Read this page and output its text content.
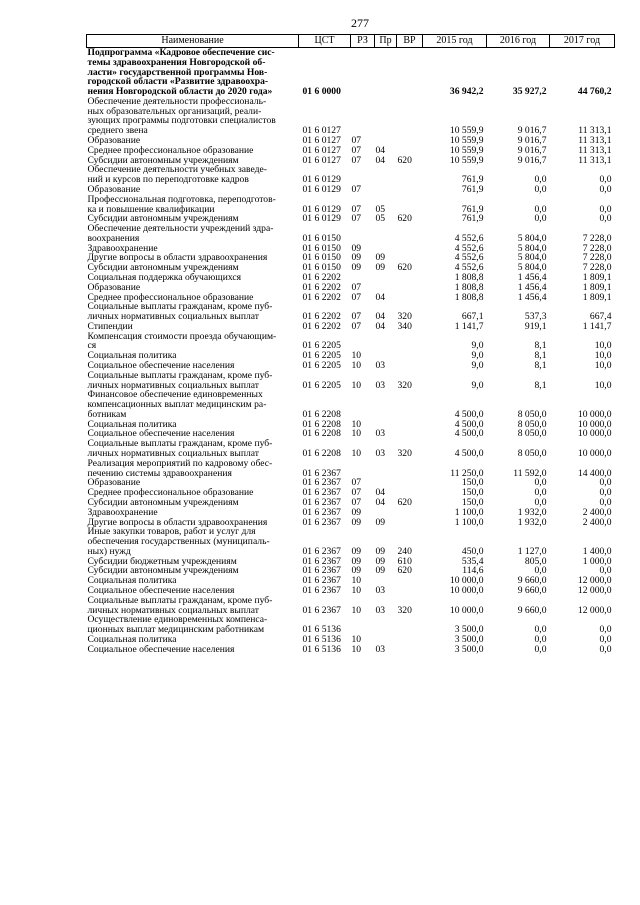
277
Наименование	ЦСТ	РЗ	Пр	ВР	2015 год	2016 год	2017 год
Подпрограмма «Кадровое обеспечение сис-
темы здравоохранения Новгородской об-
ласти» государственной программы Нов-
городской области «Развитие здравоохра-
нения Новгородской области до 2020 года»	01 6 0000				36 942,2	35 927,2	44 760,2
Обеспечение деятельности профессиональ-
ных образовательных организаций, реали-
зующих программы подготовки специалистов
среднего звена	01 6 0127				10 559,9	9 016,7	11 313,1
Образование	01 6 0127	07			10 559,9	9 016,7	11 313,1
Среднее профессиональное образование	01 6 0127	07	04		10 559,9	9 016,7	11 313,1
Субсидии автономным учреждениям	01 6 0127	07	04	620	10 559,9	9 016,7	11 313,1
Обеспечение деятельности учебных заведе-
ний и курсов по переподготовке кадров	01 6 0129				761,9	0,0	0,0
Образование	01 6 0129	07			761,9	0,0	0,0
Профессиональная подготовка, переподготов-
ка и повышение квалификации	01 6 0129	07	05		761,9	0,0	0,0
Субсидии автономным учреждениям	01 6 0129	07	05	620	761,9	0,0	0,0
Обеспечение деятельности учреждений здра-
воохранения	01 6 0150				4 552,6	5 804,0	7 228,0
Здравоохранение	01 6 0150	09			4 552,6	5 804,0	7 228,0
Другие вопросы в области здравоохранения	01 6 0150	09	09		4 552,6	5 804,0	7 228,0
Субсидии автономным учреждениям	01 6 0150	09	09	620	4 552,6	5 804,0	7 228,0
Социальная поддержка обучающихся	01 6 2202				1 808,8	1 456,4	1 809,1
Образование	01 6 2202	07			1 808,8	1 456,4	1 809,1
Среднее профессиональное образование	01 6 2202	07	04		1 808,8	1 456,4	1 809,1
Социальные выплаты гражданам, кроме пуб-
личных нормативных социальных выплат	01 6 2202	07	04	320	667,1	537,3	667,4
Стипендии	01 6 2202	07	04	340	1 141,7	919,1	1 141,7
Компенсация стоимости проезда обучающим-
ся	01 6 2205				9,0	8,1	10,0
Социальная политика	01 6 2205	10			9,0	8,1	10,0
Социальное обеспечение населения	01 6 2205	10	03		9,0	8,1	10,0
Социальные выплаты гражданам, кроме пуб-
личных нормативных социальных выплат	01 6 2205	10	03	320	9,0	8,1	10,0
Финансовое обеспечение единовременных
компенсационных выплат медицинским ра-
ботникам	01 6 2208				4 500,0	8 050,0	10 000,0
Социальная политика	01 6 2208	10			4 500,0	8 050,0	10 000,0
Социальное обеспечение населения	01 6 2208	10	03		4 500,0	8 050,0	10 000,0
Социальные выплаты гражданам, кроме пуб-
личных нормативных социальных выплат	01 6 2208	10	03	320	4 500,0	8 050,0	10 000,0
Реализация мероприятий по кадровому обес-
печению системы здравоохранения	01 6 2367				11 250,0	11 592,0	14 400,0
Образование	01 6 2367	07			150,0	0,0	0,0
Среднее профессиональное образование	01 6 2367	07	04		150,0	0,0	0,0
Субсидии автономным учреждениям	01 6 2367	07	04	620	150,0	0,0	0,0
Здравоохранение	01 6 2367	09			1 100,0	1 932,0	2 400,0
Другие вопросы в области здравоохранения	01 6 2367	09	09		1 100,0	1 932,0	2 400,0
Иные закупки товаров, работ и услуг для
обеспечения государственных (муниципаль-
ных) нужд	01 6 2367	09	09	240	450,0	1 127,0	1 400,0
Субсидии бюджетным учреждениям	01 6 2367	09	09	610	535,4	805,0	1 000,0
Субсидии автономным учреждениям	01 6 2367	09	09	620	114,6	0,0	0,0
Социальная политика	01 6 2367	10			10 000,0	9 660,0	12 000,0
Социальное обеспечение населения	01 6 2367	10	03		10 000,0	9 660,0	12 000,0
Социальные выплаты гражданам, кроме пуб-
личных нормативных социальных выплат	01 6 2367	10	03	320	10 000,0	9 660,0	12 000,0
Осуществление единовременных компенса-
ционных выплат медицинским работникам	01 6 5136				3 500,0	0,0	0,0
Социальная политика	01 6 5136	10			3 500,0	0,0	0,0
Социальное обеспечение населения	01 6 5136	10	03		3 500,0	0,0	0,0
